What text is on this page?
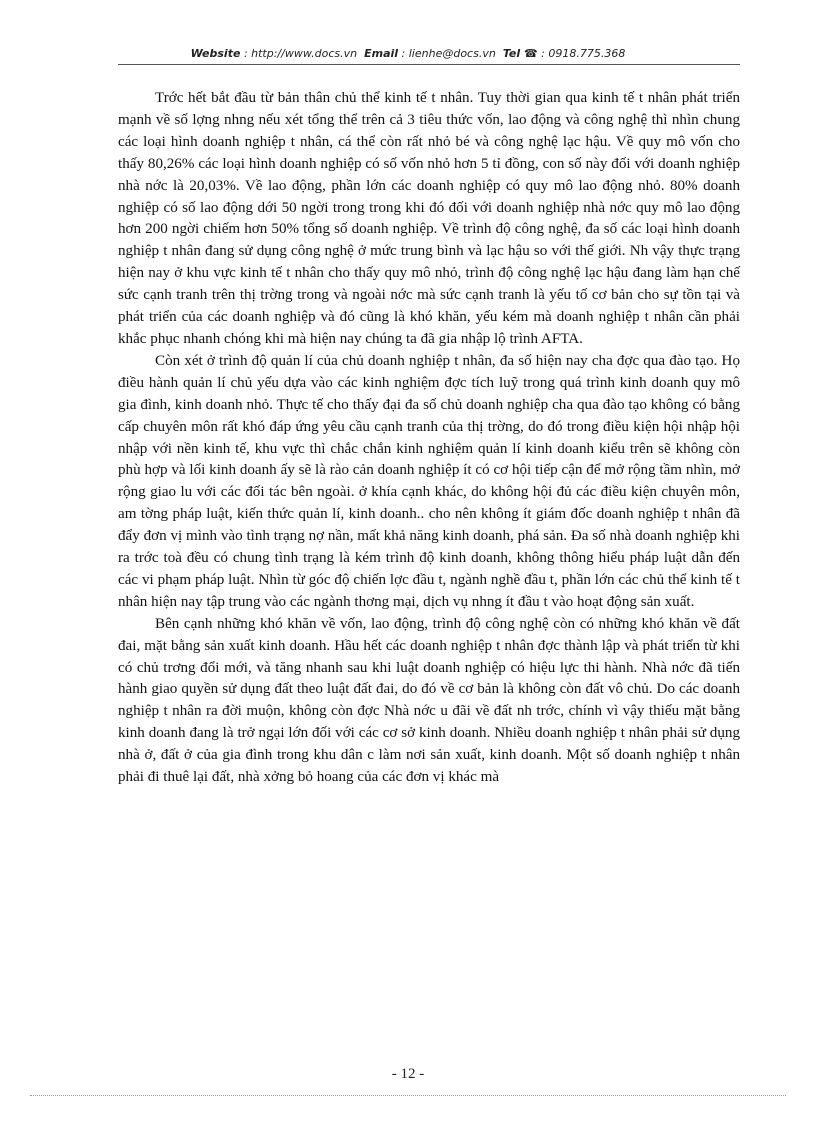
Website : http://www.docs.vn Email : lienhe@docs.vn Tel ☎ : 0918.775.368

Trớc hết bắt đầu từ bản thân chủ thể kinh tế t nhân. Tuy thời gian qua kinh tế t nhân phát triển mạnh về số lợng nhng nếu xét tổng thể trên cả 3 tiêu thức vốn, lao động và công nghệ thì nhìn chung các loại hình doanh nghiệp t nhân, cá thể còn rất nhỏ bé và công nghệ lạc hậu. Về quy mô vốn cho thấy 80,26% các loại hình doanh nghiệp có số vốn nhỏ hơn 5 tỉ đồng, con số này đối với doanh nghiệp nhà nớc là 20,03%. Về lao động, phần lớn các doanh nghiệp có quy mô lao động nhỏ. 80% doanh nghiệp có số lao động dới 50 ngời trong trong khi đó đối với doanh nghiệp nhà nớc quy mô lao động hơn 200 ngời chiếm hơn 50% tổng số doanh nghiệp. Về trình độ công nghệ, đa số các loại hình doanh nghiệp t nhân đang sử dụng công nghệ ở mức trung bình và lạc hậu so với thế giới. Nh vậy thực trạng hiện nay ở khu vực kinh tế t nhân cho thấy quy mô nhỏ, trình độ công nghệ lạc hậu đang làm hạn chế sức cạnh tranh trên thị trờng trong và ngoài nớc mà sức cạnh tranh là yếu tố cơ bản cho sự tồn tại và phát triển của các doanh nghiệp và đó cũng là khó khăn, yếu kém mà doanh nghiệp t nhân cần phải khắc phục nhanh chóng khi mà hiện nay chúng ta đã gia nhập lộ trình AFTA.

Còn xét ở trình độ quản lí của chủ doanh nghiệp t nhân, đa số hiện nay cha đợc qua đào tạo. Họ điều hành quản lí chủ yếu dựa vào các kinh nghiệm đợc tích luỹ trong quá trình kinh doanh quy mô gia đình, kinh doanh nhỏ. Thực tế cho thấy đại đa số chủ doanh nghiệp cha qua đào tạo không có bằng cấp chuyên môn rất khó đáp ứng yêu cầu cạnh tranh của thị trờng, do đó trong điều kiện hội nhập hội nhập với nền kinh tế, khu vực thì chắc chắn kinh nghiệm quản lí kinh doanh kiểu trên sẽ không còn phù hợp và lối kinh doanh ấy sẽ là rào cản doanh nghiệp ít có cơ hội tiếp cận để mở rộng tầm nhìn, mở rộng giao lu với các đối tác bên ngoài. ở khía cạnh khác, do không hội đủ các điều kiện chuyên môn, am tờng pháp luật, kiến thức quản lí, kinh doanh.. cho nên không ít giám đốc doanh nghiệp t nhân đã đẩy đơn vị mình vào tình trạng nợ nần, mất khả năng kinh doanh, phá sản. Đa số nhà doanh nghiệp khi ra trớc toà đều có chung tình trạng là kém trình độ kinh doanh, không thông hiểu pháp luật dẫn đến các vi phạm pháp luật. Nhìn từ góc độ chiến lợc đầu t, ngành nghề đầu t, phần lớn các chủ thể kinh tế t nhân hiện nay tập trung vào các ngành thơng mại, dịch vụ nhng ít đầu t vào hoạt động sản xuất.

Bên cạnh những khó khăn về vốn, lao động, trình độ công nghệ còn có những khó khăn về đất đai, mặt bằng sản xuất kinh doanh. Hầu hết các doanh nghiệp t nhân đợc thành lập và phát triển từ khi có chủ trơng đổi mới, và tăng nhanh sau khi luật doanh nghiệp có hiệu lực thi hành. Nhà nớc đã tiến hành giao quyền sử dụng đất theo luật đất đai, do đó về cơ bản là không còn đất vô chủ. Do các doanh nghiệp t nhân ra đời muộn, không còn đợc Nhà nớc u đãi về đất nh trớc, chính vì vậy thiếu mặt bằng kinh doanh đang là trở ngại lớn đối với các cơ sở kinh doanh. Nhiều doanh nghiệp t nhân phải sử dụng nhà ở, đất ở của gia đình trong khu dân c làm nơi sản xuất, kinh doanh. Một số doanh nghiệp t nhân phải đi thuê lại đất, nhà xởng bỏ hoang của các đơn vị khác mà

- 12 -
